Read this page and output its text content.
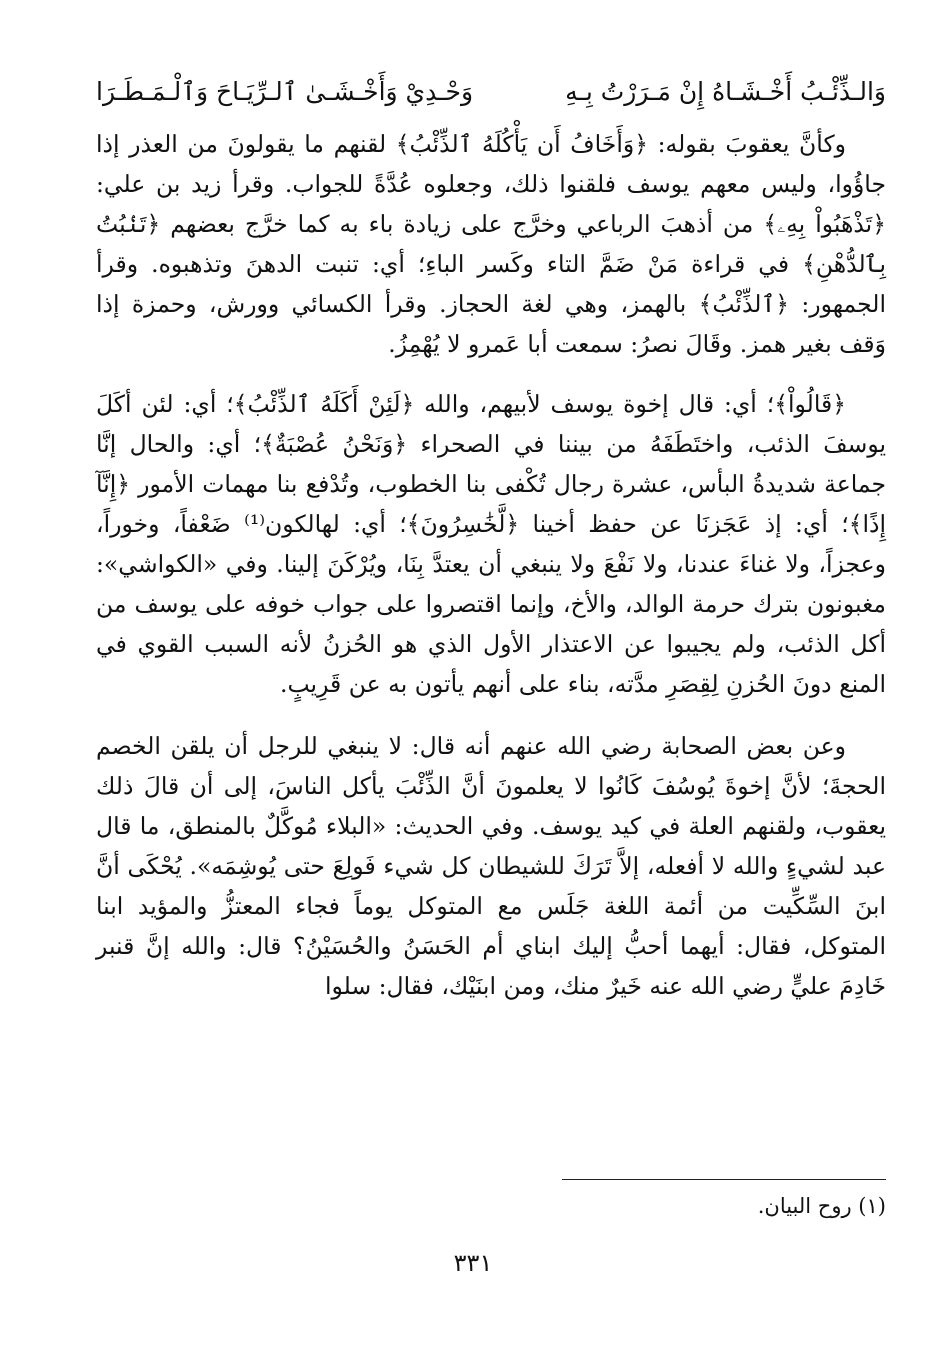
وَالـذِّئْـبُ أَخْـشَـاهُ إِنْ مَـرَرْتُ بِـهِ
وَحْـدِيْ وَأَخْـشَـىٰ ٱلـرِّيَـاحَ وَٱلْـمَـطَـرَا

وكأنَّ يعقوبَ بقوله: ﴿وَأَخَافُ أَن يَأْكُلَهُ ٱلذِّئْبُ﴾ لقنهم ما يقولونَ من العذر إذا جاؤُوا، وليس معهم يوسف فلقنوا ذلك، وجعلوه عُدَّةً للجواب. وقرأ زيد بن علي: ﴿تَذْهَبُواْ بِهِۦ﴾ من أذهبَ الرباعي وخرَّج على زيادة باء به كما خرَّج بعضهم ﴿تَنۢبُتُ بِٱلدُّهْنِ﴾ في قراءة مَنْ ضَمَّ التاء وكَسر الباءِ؛ أي: تنبت الدهنَ وتذهبوه. وقرأ الجمهور: ﴿ٱلذِّئْبُ﴾ بالهمز، وهي لغة الحجاز. وقرأ الكسائي وورش، وحمزة إذا وَقف بغير همز. وقَالَ نصرُ: سمعت أبا عَمرو لا يُهْمِزُ.

﴿قَالُواْ﴾؛ أي: قال إخوة يوسف لأبيهم، والله ﴿لَئِنْ أَكَلَهُ ٱلذِّئْبُ﴾؛ أي: لئن أكَلَ يوسفَ الذئب، واختَطَفَهُ من بيننا في الصحراء ﴿وَنَحْنُ عُصْبَةٌ﴾؛ أي: والحال إنَّا جماعة شديدةُ البأس، عشرة رجال تُكْفى بنا الخطوب، وتُدْفع بنا مهمات الأمور ﴿إِنَّآ إِذًا﴾؛ أي: إذ عَجَزنَا عن حفظ أخينا ﴿لَّخَٰسِرُونَ﴾؛ أي: لهالكون⁽¹⁾ ضَعْفاً، وخوراً، وعجزاً، ولا غناءَ عندنا، ولا نَفْعَ ولا ينبغي أن يعتدَّ بِنَا، ويُرْكَنَ إلينا. وفي «الكواشي»: مغبونون بترك حرمة الوالد، والأخ، وإنما اقتصروا على جواب خوفه على يوسف من أكل الذئب، ولم يجيبوا عن الاعتذار الأول الذي هو الحُزنُ لأنه السبب القوي في المنع دونَ الحُزنِ لِقِصَرِ مدَّته، بناء على أنهم يأتون به عن قَرِيبٍ.

وعن بعض الصحابة رضي الله عنهم أنه قال: لا ينبغي للرجل أن يلقن الخصم الحجةَ؛ لأنَّ إخوةَ يُوسُفَ كَانُوا لا يعلمونَ أنَّ الذِّئْبَ يأكل الناسَ، إلى أن قالَ ذلك يعقوب، ولقنهم العلة في كيد يوسف. وفي الحديث: «البلاء مُوكَّلٌ بالمنطق، ما قال عبد لشيءٍ والله لا أفعله، إلاَّ تَرَكَ للشيطان كل شيء فَولِعَ حتى يُوشِمَه». يُحْكَى أنَّ ابنَ السِّكِّيت من أئمة اللغة جَلَس مع المتوكل يوماً فجاء المعتزُّ والمؤيد ابنا المتوكل، فقال: أيهما أحبُّ إليك ابناي أم الحَسَنُ والحُسَيْنُ؟ قال: والله إنَّ قنبر خَادِمَ عليٍّ رضي الله عنه خَيرٌ منك، ومن ابنَيْك، فقال: سلوا

(١) روح البيان.
٣٣١
